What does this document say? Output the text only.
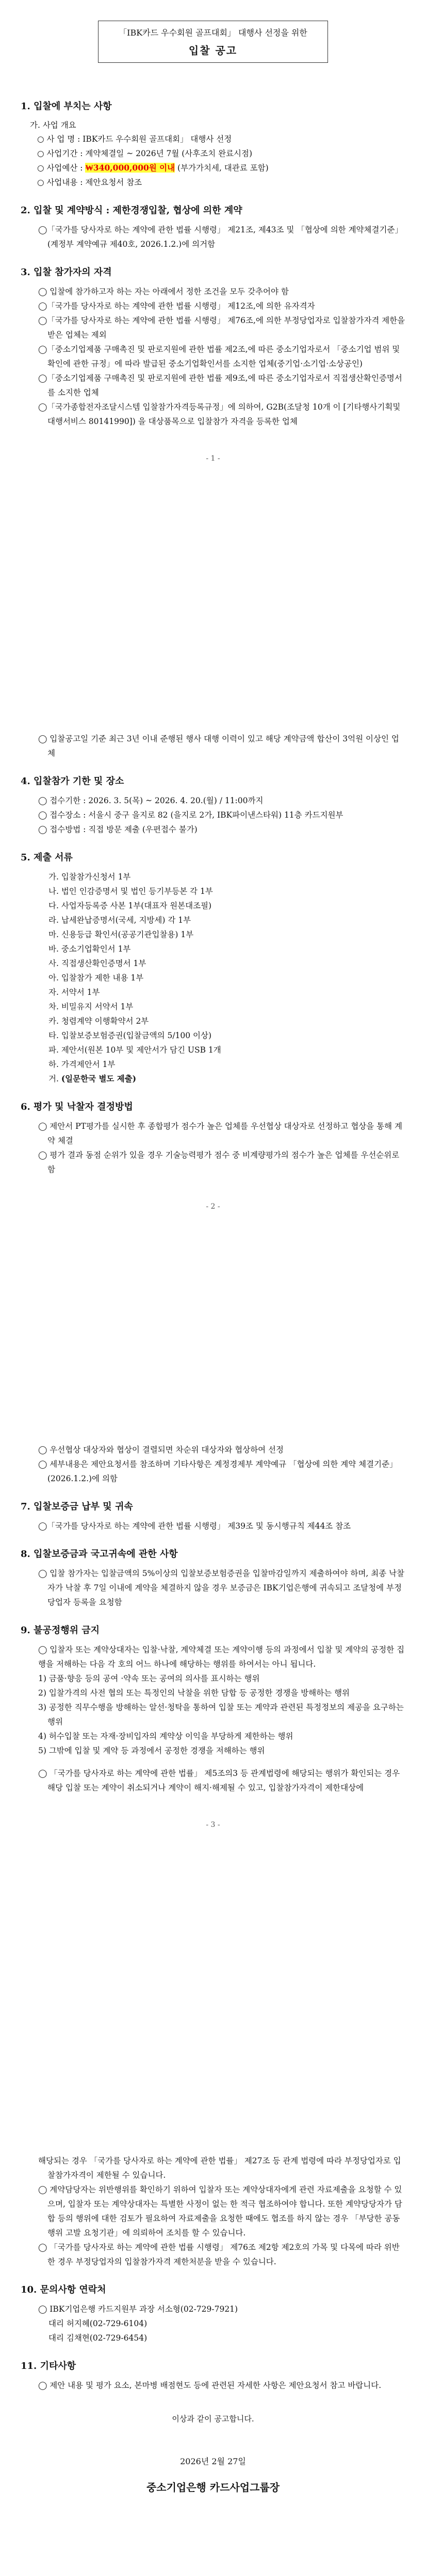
「IBK카드 우수회원 골프대회」 대행사 선정을 위한
입찰 공고
1. 입찰에 부치는 사항
가. 사업 개요
○ 사 업 명 : IBK카드 우수회원 골프대회」 대행사 선정
○ 사업기간 : 계약체결일 ~ 2026년 7월 (사후조치 완료시점)
○ 사업예산 : ₩340,000,000원 이내 (부가가치세, 대관료 포함)
○ 사업내용 : 제안요청서 참조
2. 입찰 및 계약방식 : 제한경쟁입찰, 협상에 의한 계약
◯「국가를 당사자로 하는 계약에 관한 법률 시행령」 제21조, 제43조 및 「협상에 의한 계약체결기준」(계정부 계약예규 제40호, 2026.1.2.)에 의거함
3. 입찰 참가자의 자격
◯ 입찰에 참가하고자 하는 자는 아래에서 정한 조건을 모두 갖추어야 함
◯「국가를 당사자로 하는 계약에 관한 법률 시행령」 제12조,에 의한 유자격자
◯「국가를 당사자로 하는 계약에 관한 법률 시행령」 제76조,에 의한 부정당업자로 입찰참가자격 제한을 받은 업체는 제외
◯「중소기업제품 구매촉진 및 판로지원에 관한 법률 제2조,에 따른 중소기업자로서 「중소기업 범위 및 확인에 관한 규정」에 따라 발급된 중소기업확인서를 소지한 업체(중기업·소기업·소상공인)
◯「중소기업제품 구매촉진 및 판로지원에 관한 법률 제9조,에 따른 중소기업자로서 직접생산확인증명서를 소지한 업체
◯「국가종합전자조달시스템 입찰참가자격등록규정」에 의하여, G2B(조달청 10개 이 [기타행사기획및대행서비스 80141990]) 을 대상품목으로 입찰참가 자격을 등록한 업체
- 1 -
◯ 입찰공고일 기준 최근 3년 이내 준행된 행사 대행 이력이 있고 해당 계약금액 합산이 3억원 이상인 업체
4. 입찰참가 기한 및 장소
◯ 접수기한 : 2026. 3. 5(목) ~ 2026. 4. 20.(월) / 11:00까지
◯ 접수장소 : 서울시 중구 을지로 82 (을지로 2가, IBK파이낸스타워) 11층 카드지원부
◯ 접수방법 : 직접 방문 제출 (우편접수 불가)
5. 제출 서류
가. 입찰참가신청서 1부
나. 법인 인감증명서 및 법인 등기부등본 각 1부
다. 사업자등록증 사본 1부(대표자 원본대조필)
라. 납세완납증명서(국세, 지방세) 각 1부
마. 신용등급 확인서(공공기관입찰용) 1부
바. 중소기업확인서 1부
사. 직접생산확인증명서 1부
아. 입찰참가 제한 내용 1부
자. 서약서 1부
차. 비밀유지 서약서 1부
카. 청렴계약 이행확약서 2부
타. 입찰보증보험증권(입찰금액의 5/100 이상)
파. 제안서(원본 10부 및 제안서가 담긴 USB 1개
하. 가격제안서 1부
거. (일문한국 별도 제출)
6. 평가 및 낙찰자 결정방법
◯ 제안서 PT평가를 실시한 후 종합평가 점수가 높은 업체를 우선협상 대상자로 선정하고 협상을 통해 계약 체결
◯ 평가 결과 동점 순위가 있을 경우 기술능력평가 점수 중 비계량평가의 점수가 높은 업체를 우선순위로 함
- 2 -
◯ 우선협상 대상자와 협상이 결렬되면 차순위 대상자와 협상하여 선정
◯ 세부내용은 제안요청서를 참조하며 기타사항은 계정경제부 계약예규 「협상에 의한 계약 체결기준」(2026.1.2.)에 의함
7. 입찰보증금 납부 및 귀속
◯「국가를 당사자로 하는 계약에 관한 법률 시행령」 제39조 및 동시행규칙 제44조 참조
8. 입찰보증금과 국고귀속에 관한 사항
◯ 입찰 참가자는 입찰금액의 5%이상의 입찰보증보험증권을 입찰마감일까지 제출하여야 하며, 최종 낙찰자가 낙찰 후 7일 이내에 계약을 체결하지 않을 경우 보증금은 IBK기업은행에 귀속되고 조달청에 부정당업자 등록을 요청함
9. 불공정행위 금지
◯ 입찰자 또는 계약상대자는 입찰·낙찰, 계약체결 또는 계약이행 등의 과정에서 입찰 및 계약의 공정한 집행을 저해하는 다음 각 호의 어느 하나에 해당하는 행위를 하여서는 아니 됩니다.
1) 금품·향응 등의 공여 ·약속 또는 공여의 의사를 표시하는 행위
2) 입찰가격의 사전 협의 또는 특정인의 낙찰을 위한 담합 등 공정한 경쟁을 방해하는 행위
3) 공정한 직무수행을 방해하는 알선·청탁을 통하여 입찰 또는 계약과 관련된 특정정보의 제공을 요구하는 행위
4) 허수입찰 또는 자재·장비입자의 계약상 이익을 부당하게 제한하는 행위
5) 그밖에 입찰 및 계약 등 과정에서 공정한 경쟁을 저해하는 행위
◯ 「국가를 당사자로 하는 계약에 관한 법률」 제5조의3 등 관계법령에 해당되는 행위가 확인되는 경우 해당 입찰 또는 계약이 취소되거나 계약이 해지·해제될 수 있고, 입찰참가자격이 제한대상에
- 3 -
해당되는 경우 「국가를 당사자로 하는 계약에 관한 법률」 제27조 등 관계 법령에 따라 부정당업자로 입찰참가자격이 제한될 수 있습니다.
◯ 계약담당자는 위반행위를 확인하기 위하여 입찰자 또는 계약상대자에게 관련 자료제출을 요청할 수 있으며, 입찰자 또는 계약상대자는 특별한 사정이 없는 한 적극 협조하여야 합니다. 또한 계약당당자가 담합 등의 행위에 대한 검토가 필요하여 자료제출을 요청한 때에도 협조를 하지 않는 경우 「부당한 공동행위 고발 요청기관」에 의뢰하여 조치를 할 수 있습니다.
◯ 「국가를 당사자로 하는 계약에 관한 법률 시행령」 제76조 제2항 제2호의 가목 및 다목에 따라 위반한 경우 부정당업자의 입찰참가자격 제한처분을 받을 수 있습니다.
10. 문의사항 연락처
◯ IBK기업은행 카드지원부 과장 서소형(02-729-7921)
대리 허지혜(02-729-6104)
대리 김채현(02-729-6454)
11. 기타사항
◯ 제안 내용 및 평가 요소, 본마병 배점현도 등에 관련된 자세한 사항은 제안요청서 참고 바랍니다.
이상과 같이 공고합니다.
2026년 2월 27일
중소기업은행 카드사업그룹장
